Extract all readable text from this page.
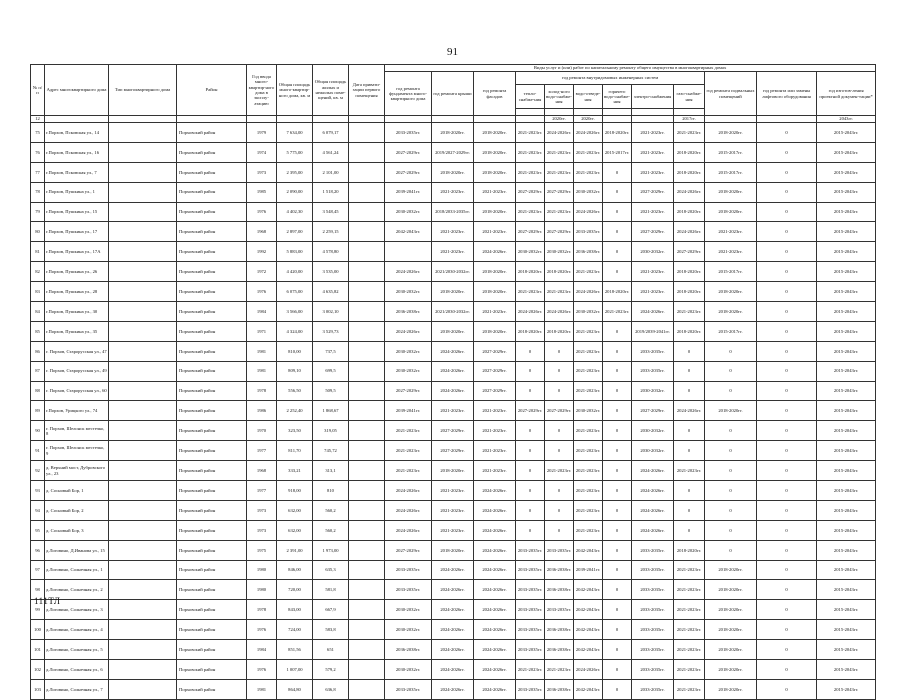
91
№ п/п	Адрес многоквартирного дома	Тип многоквартирного дома	Район	Год ввода много-квартир-ного дома в эксплу-атацию	Общая площадь много-квартир-ного дома, кв. м	Общая площадь жилых и нежилых поме-щений, кв. м	Дата привати-зации первого помещения	Виды услуг и (или) работ по капитальному ремонту общего имущества в многоквартирных домах											
								год ремонта фундамента много-квартирного дома	год ремонта крыши	год ремонта фасадов	год ремонта внутридомовых инженерных систем						год ремонта подвальных помещений	год ремонта или замены лифтового оборудования	год изготов-ления проектной докумен-тации*
											тепло-снабже-ния	холод-ного водо-снабже-ния	водо-отведе-ния	горячего водо-снабже-ния	электро-снабжения	газо-снабже-ния			

12												2020гг.	2020гг.			2017гг.			2043гг.
75	г.Порхов, Псковская ул., 14		Порховский район	1979	7 634,00	6 079,17		2033-2035гг.	2018-2020гг.	2018-2020гг.	2021-2023гг.	2024-2026гг.	2024-2026гг.	2018-2020гг.	2021-2023гг.	2021-2023гг.	2018-2020гг.	0	2015-2043гг.
76	г.Порхов, Псковская ул., 16		Порховский район	1974	5 775,00	4 561,24		2027-2029гг.	2019/2027-2029гг.	2018-2020гг.	2021-2023гг.	2021-2023гг.	2021-2023гг.	2015-2017гг.	2021-2023гг.	2018-2020гг.	2015-2017гг.	0	2015-2043гг.
77	г.Порхов, Псковская ул., 7		Порховский район	1973	2 395,00	2 101,00		2027-2029гг.	2018-2020гг.	2018-2020гг.	2021-2023гг.	2021-2023гг.	2021-2023гг.	0	2021-2023гг.	2018-2020гг.	2015-2017гг.	0	2015-2043гг.
78	г.Порхов, Пушкина ул., 1		Порховский район	1985	2 090,00	1 518,20		2039-2041гг.	2021-2023гг.	2021-2023гг.	2027-2029гг.	2027-2029гг.	2030-2032гг.	0	2027-2029гг.	2024-2026гг.	2018-2020гг.	0	2015-2043гг.
79	г.Порхов, Пушкина ул., 15		Порховский район	1976	4 402,30	3 548,45		2030-2032гг.	2018/2033-2035гг.	2018-2020гг.	2021-2023гг.	2021-2023гг.	2024-2026гг.	0	2021-2023гг.	2018-2020гг.	2018-2020гг.	0	2015-2043гг.
80	г.Порхов, Пушкина ул., 17		Порховский район	1968	2 897,00	2 259,15		2042-2043гг.	2021-2023гг.	2021-2023гг.	2027-2029гг.	2027-2029гг.	2033-2035гг.	0	2027-2029гг.	2024-2026гг.	2021-2023гг.	0	2015-2043гг.
81	г.Порхов, Пушкина ул., 17А		Порховский район	1992	5 883,00	4 578,80			2021-2023гг.	2024-2026гг.	2030-2032гг.	2030-2032гг.	2036-2038гг.	0	2030-2032гг.	2027-2029гг.	2021-2023гг.	0	2015-2043гг.
82	г.Порхов, Пушкина ул., 26		Порховский район	1972	4 420,00	3 535,00		2024-2026гг.	2021/2030-2032гг.	2018-2020гг.	2018-2020гг.	2018-2020гг.	2021-2023гг.	0	2021-2023гг.	2018-2020гг.	2015-2017гг.	0	2015-2043гг.
83	г.Порхов, Пушкина ул., 28		Порховский район	1976	6 075,00	4 635,82		2030-2032гг.	2018-2020гг.	2018-2020гг.	2021-2023гг.	2021-2023гг.	2024-2026гг.	2018-2020гг.	2021-2023гг.	2018-2020гг.	2018-2020гг.	0	2015-2043гг.
84	г.Порхов, Пушкина ул., 30		Порховский район	1984	3 566,00	3 002,10		2036-2038гг.	2021/2030-2032гг.	2021-2023гг.	2024-2026гг.	2024-2026гг.	2030-2032гг.	2021-2023гг.	2024-2026гг.	2021-2023гг.	2018-2020гг.	0	2015-2043гг.
85	г.Порхов, Пушкина ул., 35		Порховский район	1971	4 324,00	3 529,73		2024-2026гг.	2018-2020гг.	2018-2020гг.	2018-2020гг.	2018-2020гг.	2021-2023гг.	0	2019/2039-2041гг.	2018-2020гг.	2015-2017гг.	0	2015-2043гг.
86	г. Порхов, Старорусская ул., 47		Порховский район	1981	810,00	737,5		2030-2032гг.	2024-2026гг.	2027-2029гг.	0	0	2021-2023гг.	0	2033-2035гг.	0	0	0	2015-2043гг.
87	г. Порхов, Старорусская ул., 49		Порховский район	1981	809,10	699,5		2030-2032гг.	2024-2026гг.	2027-2029гг.	0	0	2021-2023гг.	0	2033-2035гг.	0	0	0	2015-2043гг.
88	г. Порхов, Старорусская ул., 60		Порховский район	1978	556,50	509,5		2027-2029гг.	2024-2026гг.	2027-2029гг.	0	0	2021-2023гг.	0	2030-2032гг.	0	0	0	2015-2043гг.
89	г.Порхов, Урицкого ул., 74		Порховский район	1986	2 252,40	1 868,67		2039-2041гг.	2021-2023гг.	2021-2023гг.	2027-2029гг.	2027-2029гг.	2030-2032гг.	0	2027-2029гг.	2024-2026гг.	2018-2020гг.	0	2015-2043гг.
90	г. Порхов, Шелонск местечко, 8		Порховский район	1970	323,50	319,05		2021-2023гг.	2027-2029гг.	2021-2023гг.	0	0	2021-2023гг.	0	2030-2032гг.	0	0	0	2015-2043гг.
91	г. Порхов, Шелонск местечко, 9		Порховский район	1977	811,70	745,72		2021-2023гг.	2027-2029гг.	2021-2023гг.	0	0	2021-2023гг.	0	2030-2032гг.	0	0	0	2015-2043гг.
92	д. Верхний мост, Дубровского ул., 23		Порховский район	1968	333,21	313,1		2021-2023гг.	2018-2020гг.	2021-2023гг.	0	2021-2023гг.	2021-2023гг.	0	2024-2026гг.	2021-2023гг.	0	0	2015-2043гг.
93	д. Сосновый Бор, 1		Порховский район	1977	918,00	810		2024-2026гг.	2021-2023гг.	2024-2026гг.	0	0	2021-2023гг.	0	2024-2026гг.	0	0	0	2015-2043гг.
94	д. Сосновый Бор, 2		Порховский район	1973	632,00	560,2		2024-2026гг.	2021-2023гг.	2024-2026гг.	0	0	2021-2023гг.	0	2024-2026гг.	0	0	0	2015-2043гг.
95	д. Сосновый Бор, 3		Порховский район	1973	632,00	560,2		2024-2026гг.	2021-2023гг.	2024-2026гг.	0	0	2021-2023гг.	0	2024-2026гг.	0	0	0	2015-2043гг.
96	д.Логовино, Д.Иванова ул., 15		Порховский район	1975	2 391,00	1 973,00		2027-2029гг.	2018-2020гг.	2024-2026гг.	2033-2035гг.	2033-2035гг.	2042-2043гг.	0	2033-2035гг.	2018-2020гг.	0	0	2015-2043гг.
97	д.Логовино, Солнечная ул., 1		Порховский район	1980	846,00	635,3		2033-2035гг.	2024-2026гг.	2024-2026гг.	2033-2035гг.	2036-2038гг.	2039-2041гг.	0	2033-2035гг.	2021-2023гг.	2018-2020гг.	0	2015-2043гг.
98	д.Логовино, Солнечная ул., 2		Порховский район	1980	720,00	581,8		2033-2035гг.	2024-2026гг.	2024-2026гг.	2033-2035гг.	2036-2038гг.	2042-2043гг.	0	2033-2035гг.	2021-2023гг.	2018-2020гг.	0	2015-2043гг.
99	д.Логовино, Солнечная ул., 3		Порховский район	1978	843,00	667,9		2030-2032гг.	2024-2026гг.	2024-2026гг.	2033-2035гг.	2033-2035гг.	2042-2043гг.	0	2033-2035гг.	2021-2023гг.	2018-2020гг.	0	2015-2043гг.
100	д.Логовино, Солнечная ул., 4		Порховский район	1976	724,00	583,8		2030-2032гг.	2024-2026гг.	2024-2026гг.	2033-2035гг.	2036-2038гг.	2042-2043гг.	0	2033-2035гг.	2021-2023гг.	2018-2020гг.	0	2015-2043гг.
101	д.Логовино, Солнечная ул., 5		Порховский район	1984	851,56	651		2036-2038гг.	2024-2026гг.	2024-2026гг.	2033-2035гг.	2036-2038гг.	2042-2043гг.	0	2033-2035гг.	2021-2023гг.	2018-2020гг.	0	2015-2043гг.
102	д.Логовино, Солнечная ул., 6		Порховский район	1976	1 007,00	579,2		2030-2032гг.	2024-2026гг.	2024-2026гг.	2021-2023гг.	2021-2023гг.	2024-2026гг.	0	2033-2035гг.	2021-2023гг.	2018-2020гг.	0	2015-2043гг.
103	д.Логовино, Солнечная ул., 7		Порховский район	1981	864,80	636,8		2033-2035гг.	2024-2026гг.	2024-2026гг.	2033-2035гг.	2036-2038гг.	2042-2043гг.	0	2033-2035гг.	2021-2023гг.	2018-2020гг.	0	2015-2043гг.
111ТЛ
